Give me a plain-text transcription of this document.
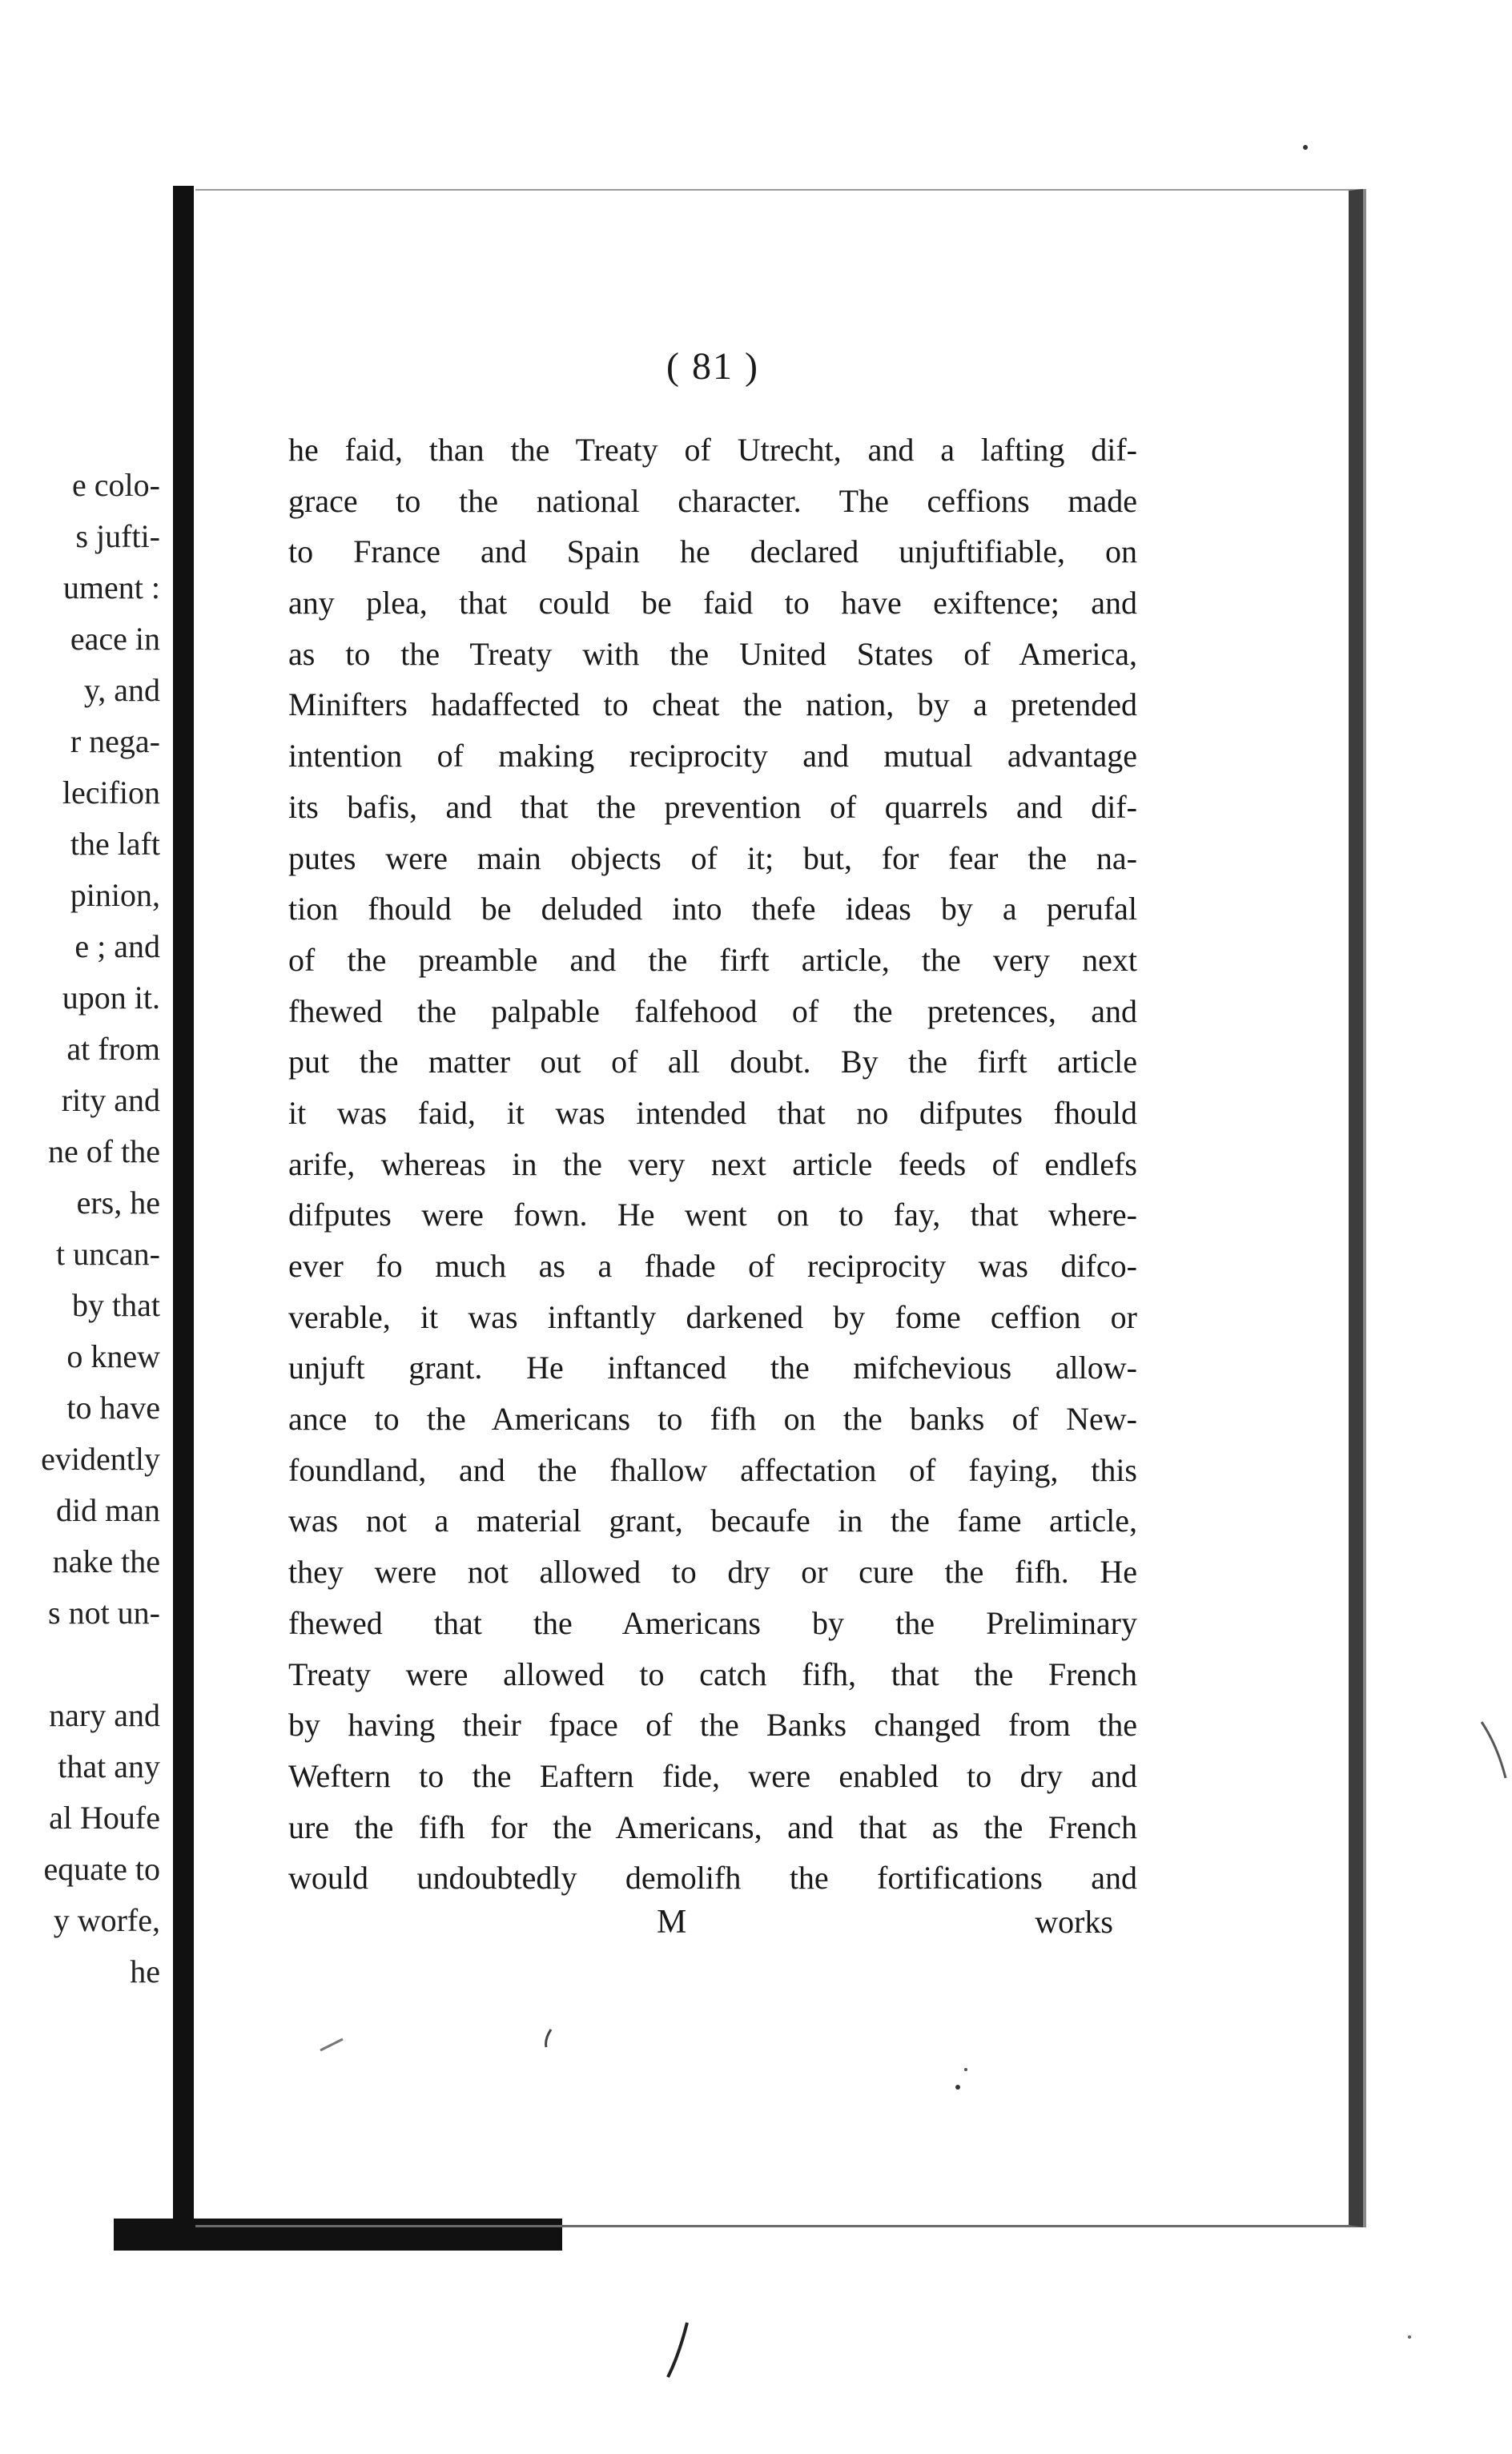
e colo-
s jufti-
ument :
eace in
y, and
r nega-
lecifion
the laft
pinion,
e ; and
upon it.
at from
rity and
ne of the
ers, he
t uncan-
by that
o knew
to have
evidently
did man
nake the
s not un-
nary and
that any
al Houfe
equate to
y worfe,
he
( 81 )
he faid, than the Treaty of Utrecht, and a lafting dif-
grace to the national character. The ceffions made
to France and Spain he declared unjuftifiable, on
any plea, that could be faid to have exiftence; and
as to the Treaty with the United States of America,
Minifters hadaffected to cheat the nation, by a pretended
intention of making reciprocity and mutual advantage
its bafis, and that the prevention of quarrels and dif-
putes were main objects of it; but, for fear the na-
tion fhould be deluded into thefe ideas by a perufal
of the preamble and the firft article, the very next
fhewed the palpable falfehood of the pretences, and
put the matter out of all doubt. By the firft article
it was faid, it was intended that no difputes fhould
arife, whereas in the very next article feeds of endlefs
difputes were fown. He went on to fay, that where-
ever fo much as a fhade of reciprocity was difco-
verable, it was inftantly darkened by fome ceffion or
unjuft grant. He inftanced the mifchevious allow-
ance to the Americans to fifh on the banks of New-
foundland, and the fhallow affectation of faying, this
was not a material grant, becaufe in the fame article,
they were not allowed to dry or cure the fifh. He
fhewed that the Americans by the Preliminary
Treaty were allowed to catch fifh, that the French
by having their fpace of the Banks changed from the
Weftern to the Eaftern fide, were enabled to dry and
ure the fifh for the Americans, and that as the French
would undoubtedly demolifh the fortifications and
M	works
